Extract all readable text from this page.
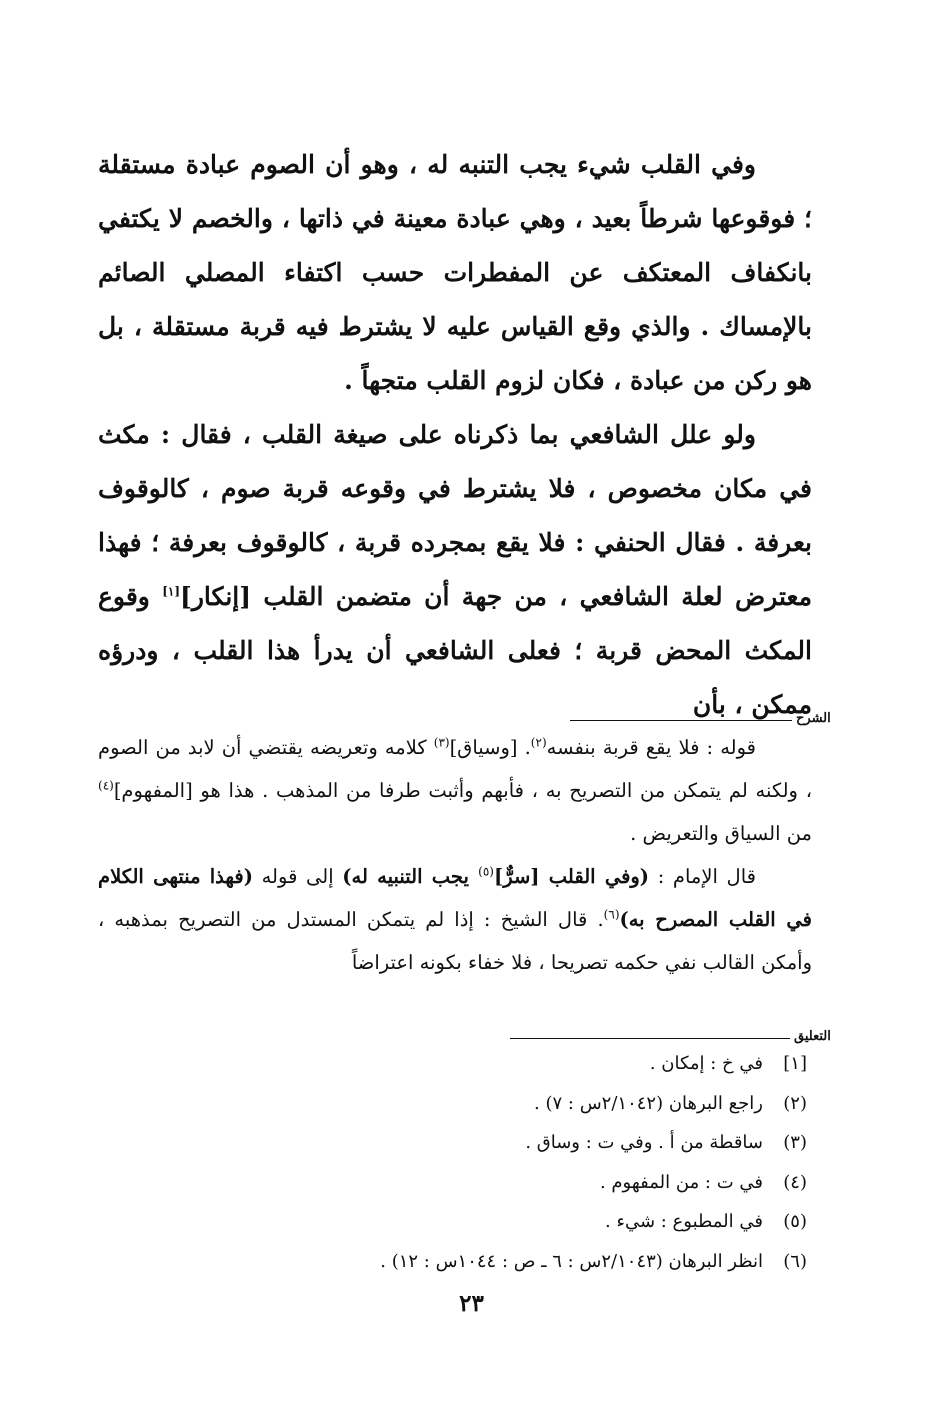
وفي القلب شيء يجب التنبه له ، وهو أن الصوم عبادة مستقلة ؛ فوقوعها شرطاً بعيد ، وهي عبادة معينة في ذاتها ، والخصم لا يكتفي بانكفاف المعتكف عن المفطرات حسب اكتفاء المصلي الصائم بالإمساك . والذي وقع القياس عليه لا يشترط فيه قربة مستقلة ، بل هو ركن من عبادة ، فكان لزوم القلب متجهاً .

ولو علل الشافعي بما ذكرناه على صيغة القلب ، فقال : مكث في مكان مخصوص ، فلا يشترط في وقوعه قربة صوم ، كالوقوف بعرفة . فقال الحنفي : فلا يقع بمجرده قربة ، كالوقوف بعرفة ؛ فهذا معترض لعلة الشافعي ، من جهة أن متضمن القلب [إنكار][١] وقوع المكث المحض قربة ؛ فعلى الشافعي أن يدرأ هذا القلب ، ودرؤه ممكن ، بأن

الشرح

قوله : فلا يقع قربة بنفسه$^{(٢)}$. [وسياق]$^{(٣)}$ كلامه وتعريضه يقتضي أن لابد من الصوم ، ولكنه لم يتمكن من التصريح به ، فأبهم وأثبت طرفا من المذهب . هذا هو [المفهوم]$^{(٤)}$ من السياق والتعريض .

قال الإمام : (وفي القلب [سرٌّ]$^{(٥)}$ يجب التنبيه له) إلى قوله (فهذا منتهى الكلام في القلب المصرح به)$^{(٦)}$. قال الشيخ : إذا لم يتمكن المستدل من التصريح بمذهبه ، وأمكن القالب نفي حكمه تصريحا ، فلا خفاء بكونه اعتراضاً

التعليق
[١]
في خ : إمكان .
(٢)
راجع البرهان (٢/١٠٤٢س : ٧) .
(٣)
ساقطة من أ . وفي ت : وساق .
(٤)
في ت : من المفهوم .
(٥)
في المطبوع : شيء .
(٦)
انظر البرهان (٢/١٠٤٣س : ٦ ـ ص : ١٠٤٤س : ١٢) .
٢٣
